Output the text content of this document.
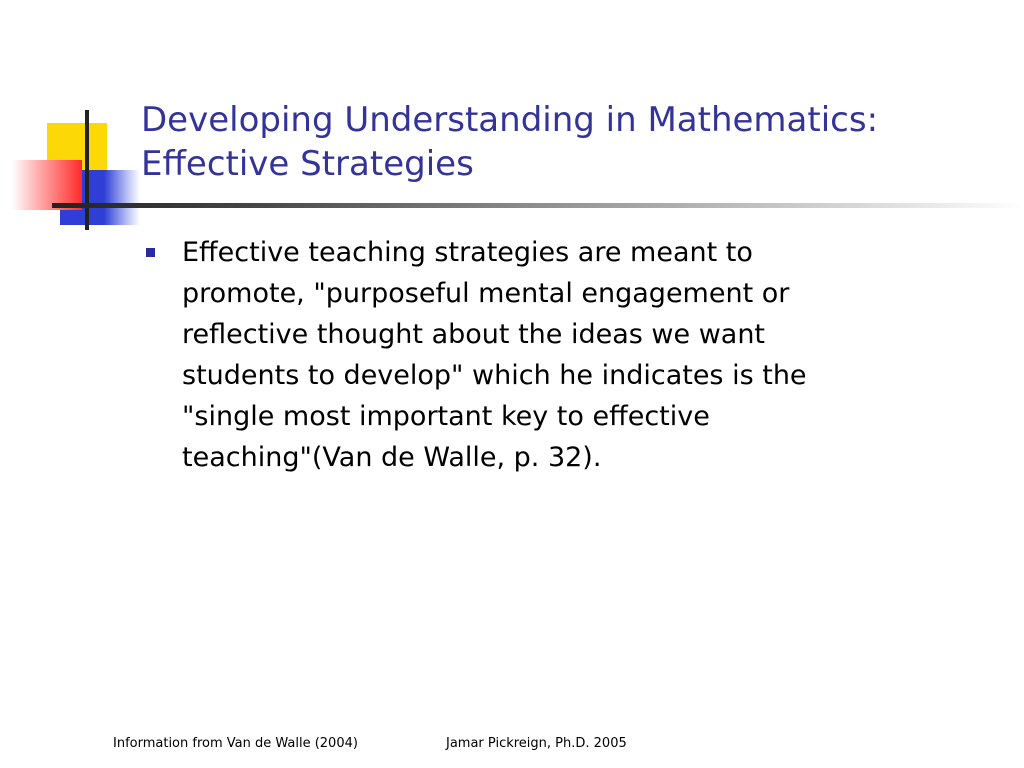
Developing Understanding in Mathematics:
Effective Strategies

Effective teaching strategies are meant to
promote, "purposeful mental engagement or
reflective thought about the ideas we want
students to develop" which he indicates is the
"single most important key to effective
teaching"(Van de Walle, p. 32).

Information from Van de Walle (2004)	Jamar Pickreign, Ph.D. 2005
